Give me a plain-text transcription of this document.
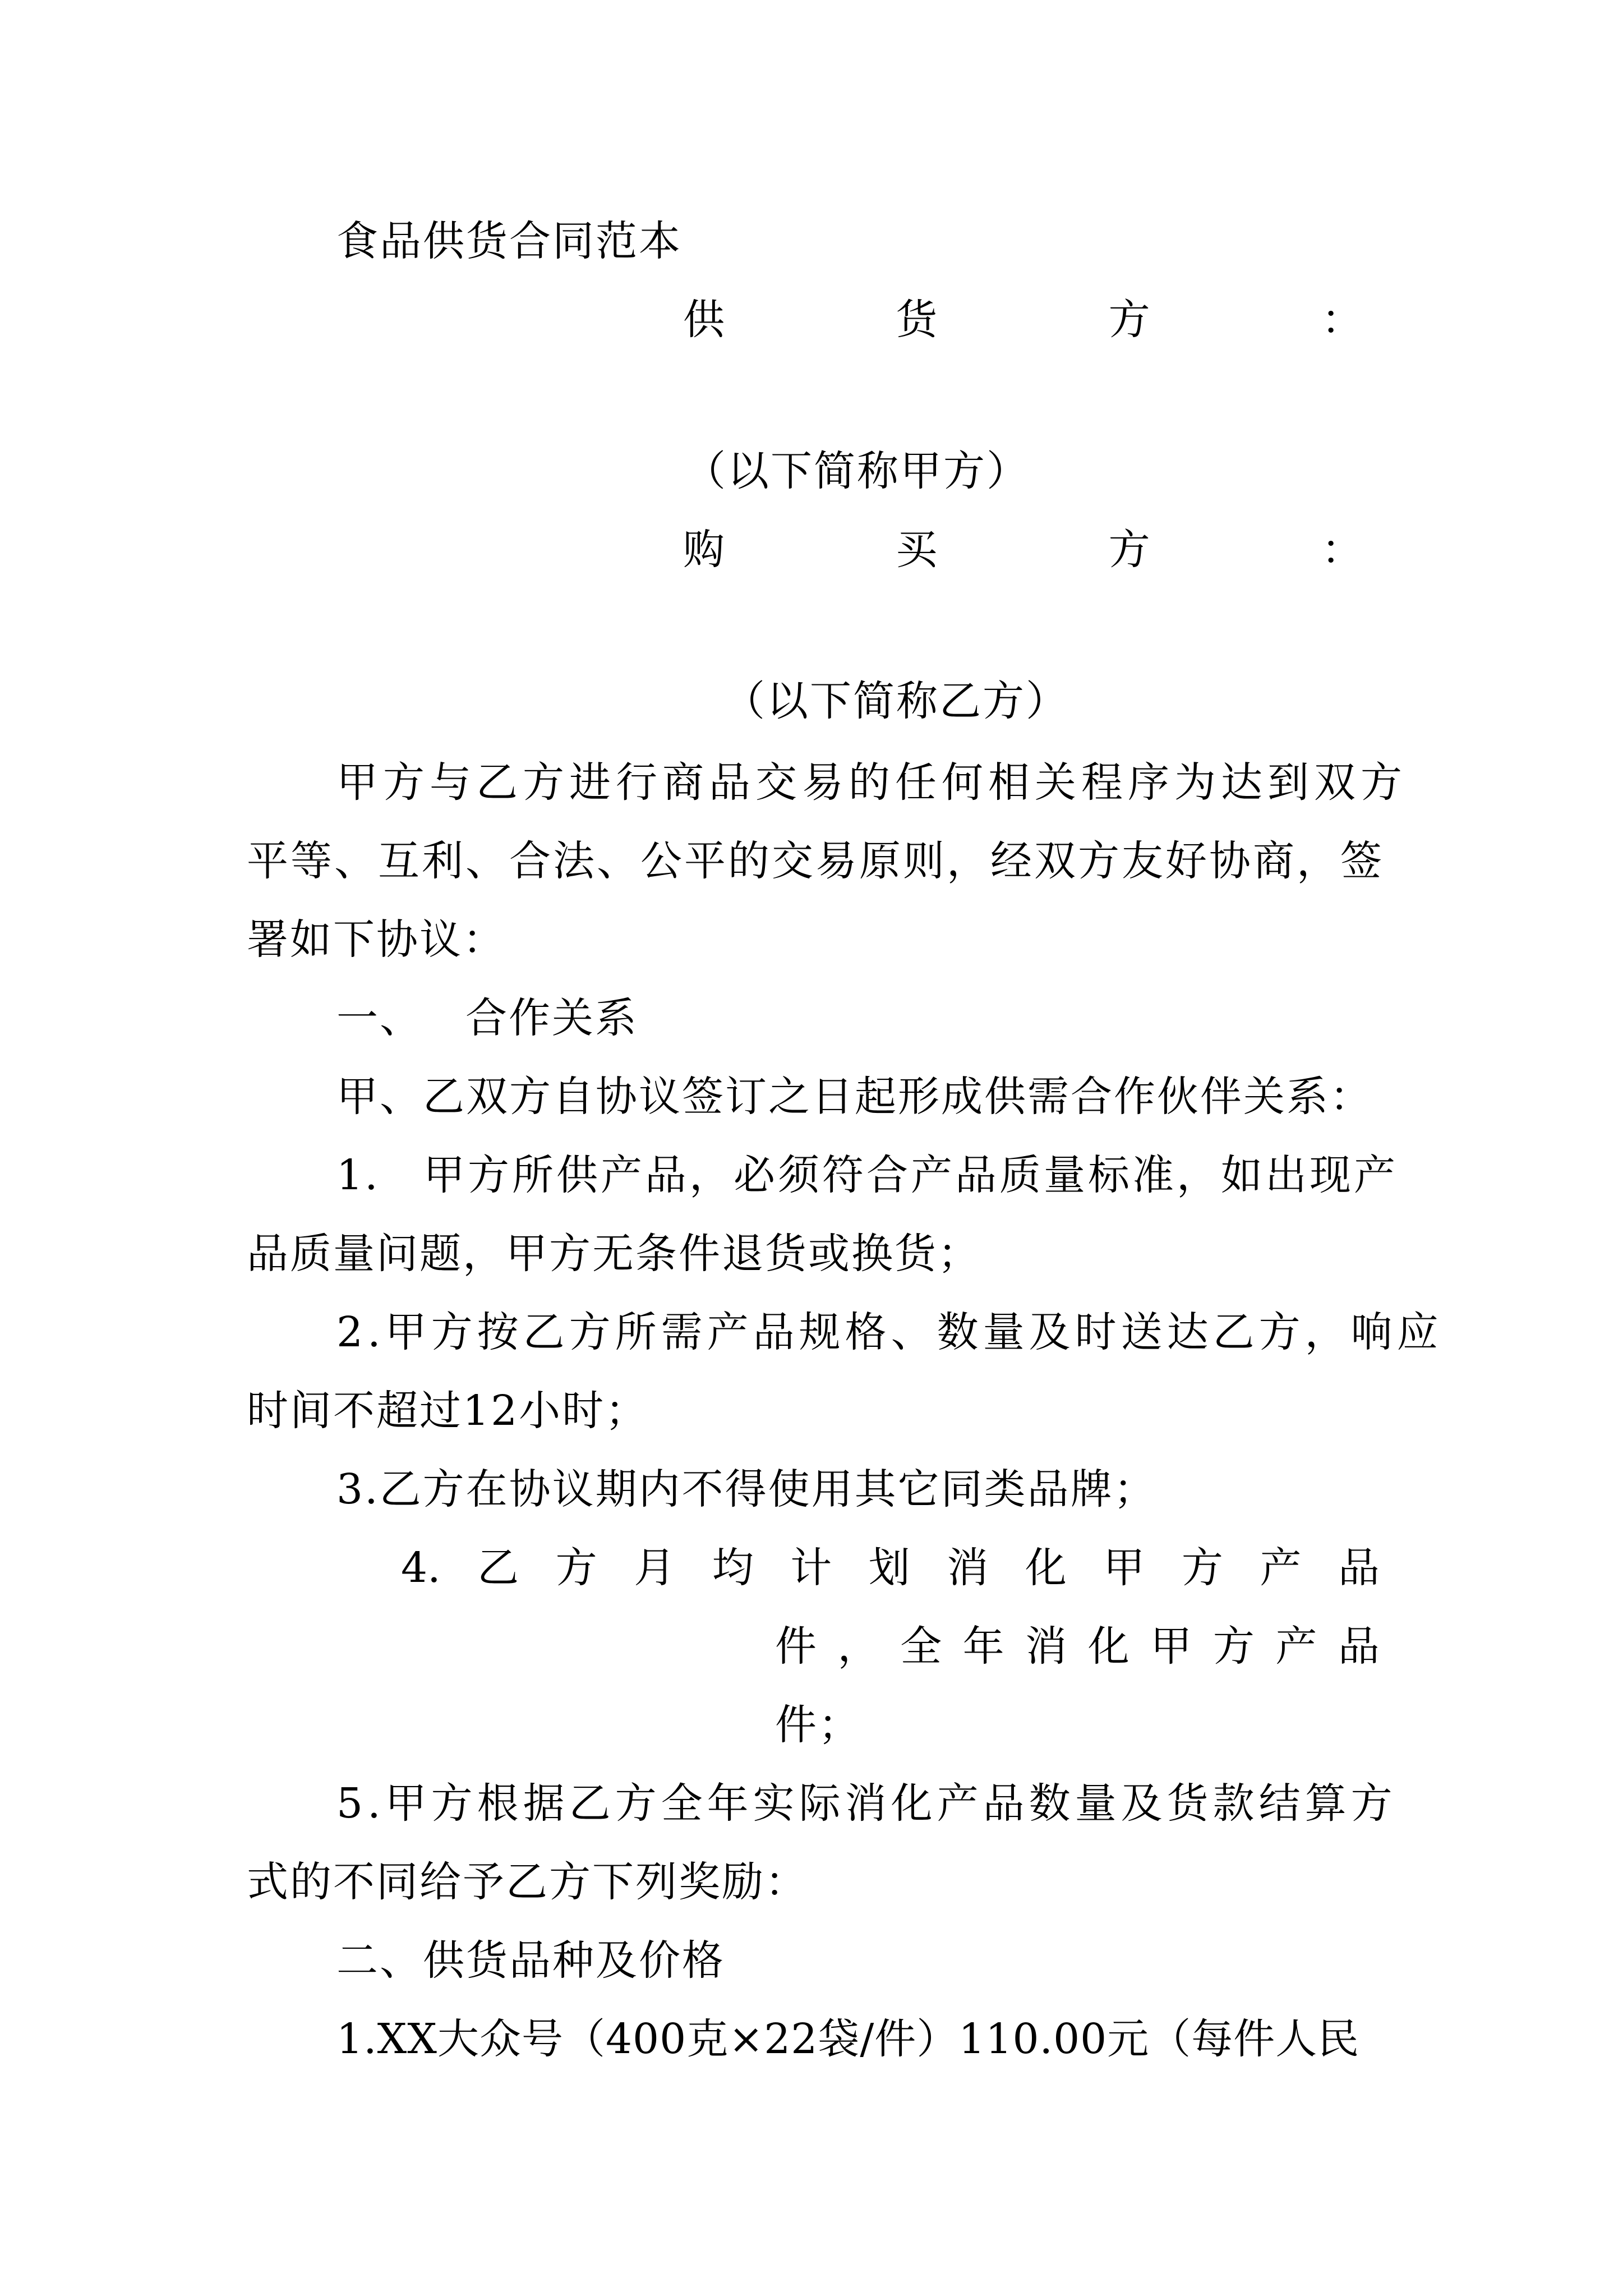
食品供货合同范本
供	货	方	：
（以下简称甲方）
购	买	方	：
（以下简称乙方）
甲方与乙方进行商品交易的任何相关程序为达到双方
平等、互利、合法、公平的交易原则，经双方友好协商，签
署如下协议：
一、 合作关系
甲、乙双方自协议签订之日起形成供需合作伙伴关系：
1. 甲方所供产品，必须符合产品质量标准，如出现产
品质量问题，甲方无条件退货或换货；
2.甲方按乙方所需产品规格、数量及时送达乙方，响应
时间不超过12小时；
3.乙方在协议期内不得使用其它同类品牌；
4. 乙 方 月 均 计 划 消 化 甲 方 产 品
件 ， 全 年 消 化 甲 方 产 品
件；
5.甲方根据乙方全年实际消化产品数量及货款结算方
式的不同给予乙方下列奖励：
二、供货品种及价格
1.XX大众号（400克×22袋/件）110.00元（每件人民
